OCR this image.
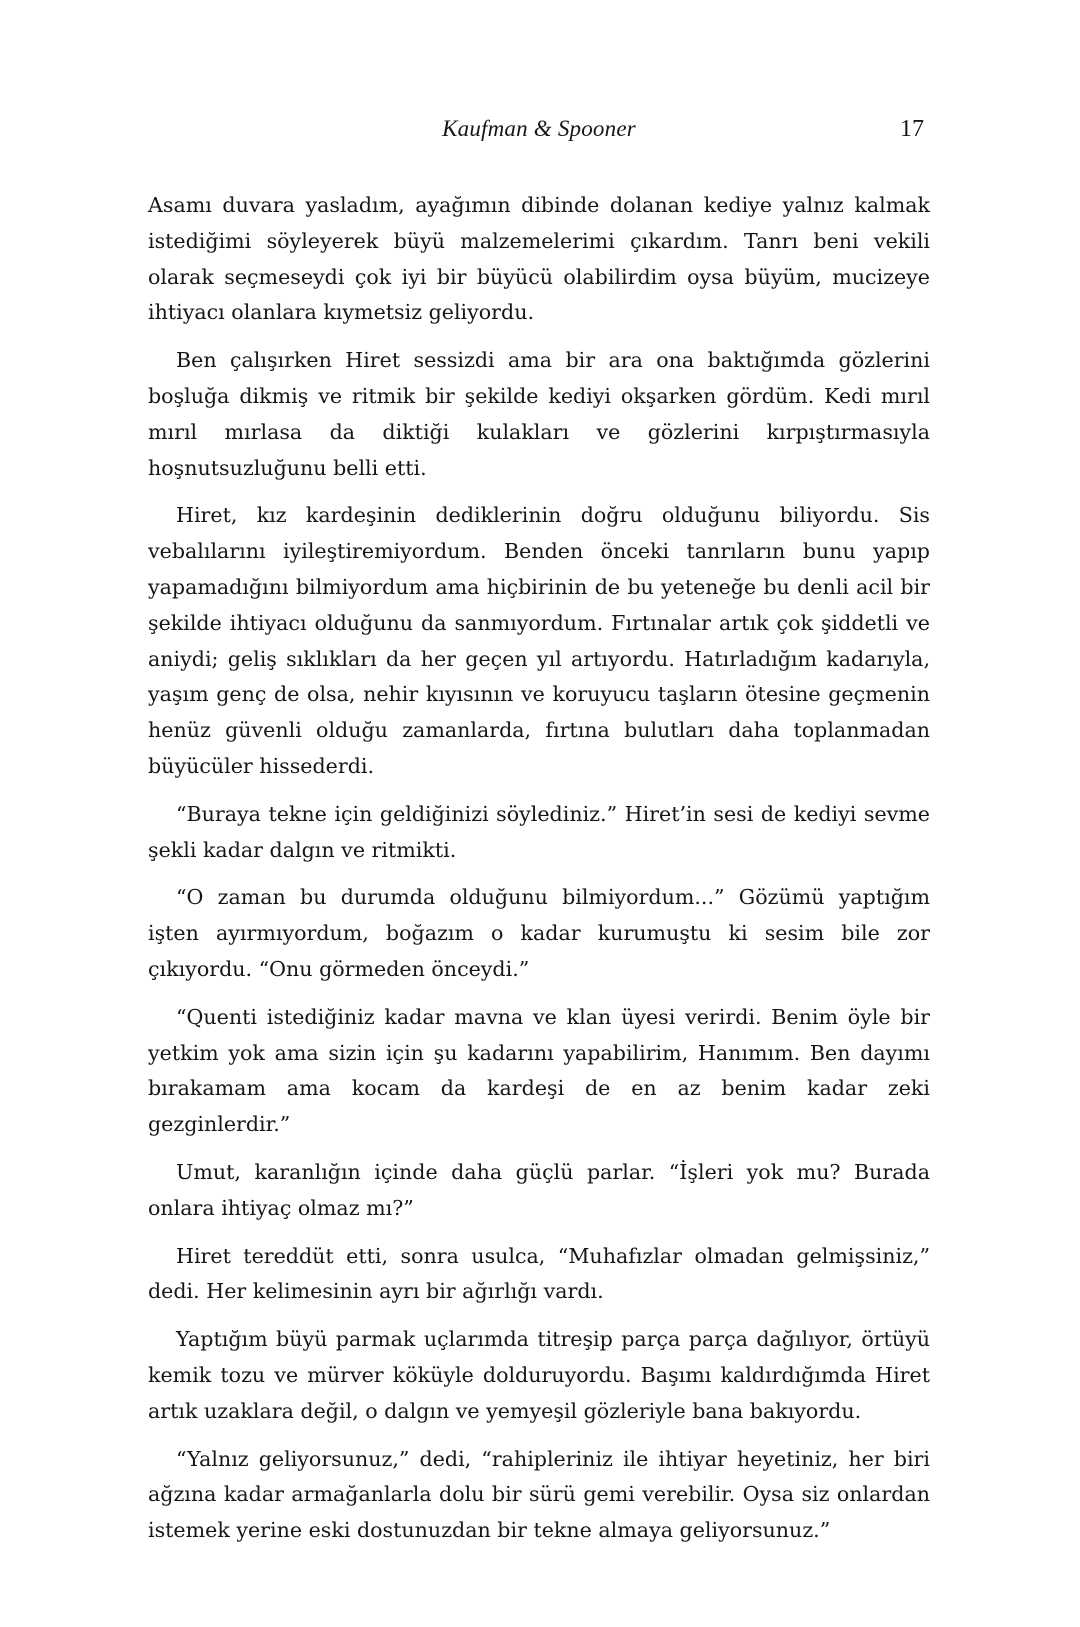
Kaufman & Spooner	17

Asamı duvara yasladım, ayağımın dibinde dolanan kediye yalnız kalmak istediğimi söyleyerek büyü malzemelerimi çıkardım. Tanrı beni vekili olarak seçmeseydi çok iyi bir büyücü olabilirdim oysa büyüm, mucizeye ihtiyacı olanlara kıymetsiz geliyordu.

Ben çalışırken Hiret sessizdi ama bir ara ona baktığımda gözlerini boşluğa dikmiş ve ritmik bir şekilde kediyi okşarken gördüm. Kedi mırıl mırıl mırlasa da diktiği kulakları ve gözlerini kırpıştırmasıyla hoşnutsuzluğunu belli etti.

Hiret, kız kardeşinin dediklerinin doğru olduğunu biliyordu. Sis vebalılarını iyileştiremiyordum. Benden önceki tanrıların bunu yapıp yapamadığını bilmiyordum ama hiçbirinin de bu yeteneğe bu denli acil bir şekilde ihtiyacı olduğunu da sanmıyordum. Fırtınalar artık çok şiddetli ve aniydi; geliş sıklıkları da her geçen yıl artıyordu. Hatırladığım kadarıyla, yaşım genç de olsa, nehir kıyısının ve koruyucu taşların ötesine geçmenin henüz güvenli olduğu zamanlarda, fırtına bulutları daha toplanmadan büyücüler hissederdi.

“Buraya tekne için geldiğinizi söylediniz.” Hiret’in sesi de kediyi sevme şekli kadar dalgın ve ritmikti.

“O zaman bu durumda olduğunu bilmiyordum...” Gözümü yaptığım işten ayırmıyordum, boğazım o kadar kurumuştu ki sesim bile zor çıkıyordu. “Onu görmeden önceydi.”

“Quenti istediğiniz kadar mavna ve klan üyesi verirdi. Benim öyle bir yetkim yok ama sizin için şu kadarını yapabilirim, Hanımım. Ben dayımı bırakamam ama kocam da kardeşi de en az benim kadar zeki gezginlerdir.”

Umut, karanlığın içinde daha güçlü parlar. “İşleri yok mu? Burada onlara ihtiyaç olmaz mı?”

Hiret tereddüt etti, sonra usulca, “Muhafızlar olmadan gelmişsiniz,” dedi. Her kelimesinin ayrı bir ağırlığı vardı.

Yaptığım büyü parmak uçlarımda titreşip parça parça dağılıyor, örtüyü kemik tozu ve mürver köküyle dolduruyordu. Başımı kaldırdığımda Hiret artık uzaklara değil, o dalgın ve yemyeşil gözleriyle bana bakıyordu.

“Yalnız geliyorsunuz,” dedi, “rahipleriniz ile ihtiyar heyetiniz, her biri ağzına kadar armağanlarla dolu bir sürü gemi verebilir. Oysa siz onlardan istemek yerine eski dostunuzdan bir tekne almaya geliyorsunuz.”
